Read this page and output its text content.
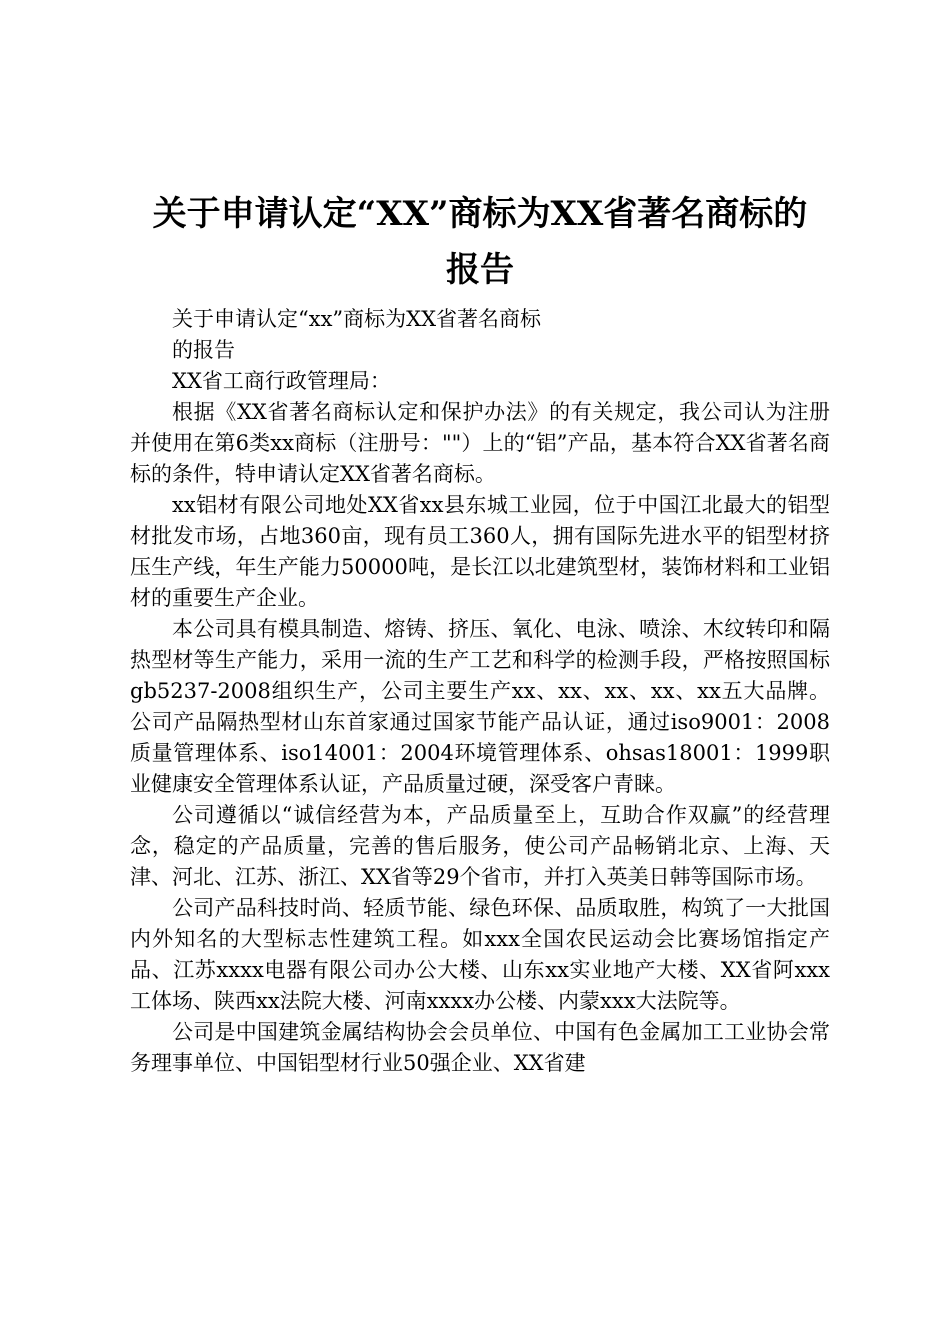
关于申请认定“XX”商标为XX省著名商标的
报告

关于申请认定“xx”商标为XX省著名商标

的报告

XX省工商行政管理局：

根据《XX省著名商标认定和保护办法》的有关规定，我公司认为注册并使用在第6类xx商标（注册号：""）上的“铝”产品，基本符合XX省著名商标的条件，特申请认定XX省著名商标。

xx铝材有限公司地处XX省xx县东城工业园，位于中国江北最大的铝型材批发市场，占地360亩，现有员工360人，拥有国际先进水平的铝型材挤压生产线，年生产能力50000吨，是长江以北建筑型材，装饰材料和工业铝材的重要生产企业。

本公司具有模具制造、熔铸、挤压、氧化、电泳、喷涂、木纹转印和隔热型材等生产能力，采用一流的生产工艺和科学的检测手段，严格按照国标gb5237-2008组织生产，公司主要生产xx、xx、xx、xx、xx五大品牌。公司产品隔热型材山东首家通过国家节能产品认证，通过iso9001：2008质量管理体系、iso14001：2004环境管理体系、ohsas18001：1999职业健康安全管理体系认证，产品质量过硬，深受客户青睐。

公司遵循以“诚信经营为本，产品质量至上，互助合作双赢”的经营理念，稳定的产品质量，完善的售后服务，使公司产品畅销北京、上海、天津、河北、江苏、浙江、XX省等29个省市，并打入英美日韩等国际市场。

公司产品科技时尚、轻质节能、绿色环保、品质取胜，构筑了一大批国内外知名的大型标志性建筑工程。如xxx全国农民运动会比赛场馆指定产品、江苏xxxx电器有限公司办公大楼、山东xx实业地产大楼、XX省阿xxx工体场、陕西xx法院大楼、河南xxxx办公楼、内蒙xxx大法院等。

公司是中国建筑金属结构协会会员单位、中国有色金属加工工业协会常务理事单位、中国铝型材行业50强企业、XX省建
